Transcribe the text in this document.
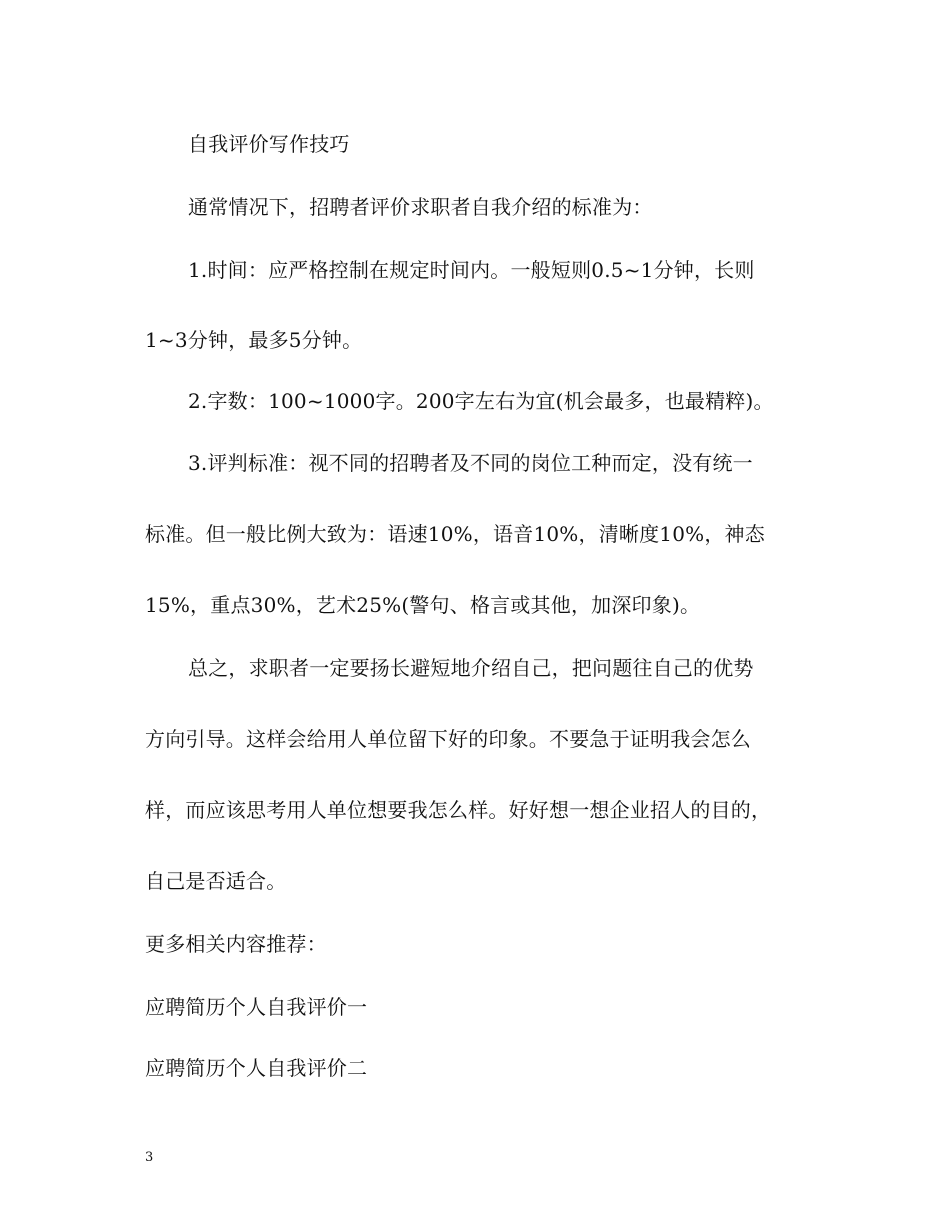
自我评价写作技巧
通常情况下，招聘者评价求职者自我介绍的标准为：
1.时间：应严格控制在规定时间内。一般短则0.5~1分钟，长则
1~3分钟，最多5分钟。
2.字数：100~1000字。200字左右为宜(机会最多，也最精粹)。
3.评判标准：视不同的招聘者及不同的岗位工种而定，没有统一
标准。但一般比例大致为：语速10%，语音10%，清晰度10%，神态
15%，重点30%，艺术25%(警句、格言或其他，加深印象)。
总之，求职者一定要扬长避短地介绍自己，把问题往自己的优势
方向引导。这样会给用人单位留下好的印象。不要急于证明我会怎么
样，而应该思考用人单位想要我怎么样。好好想一想企业招人的目的，
自己是否适合。
更多相关内容推荐：
应聘简历个人自我评价一
应聘简历个人自我评价二
3
